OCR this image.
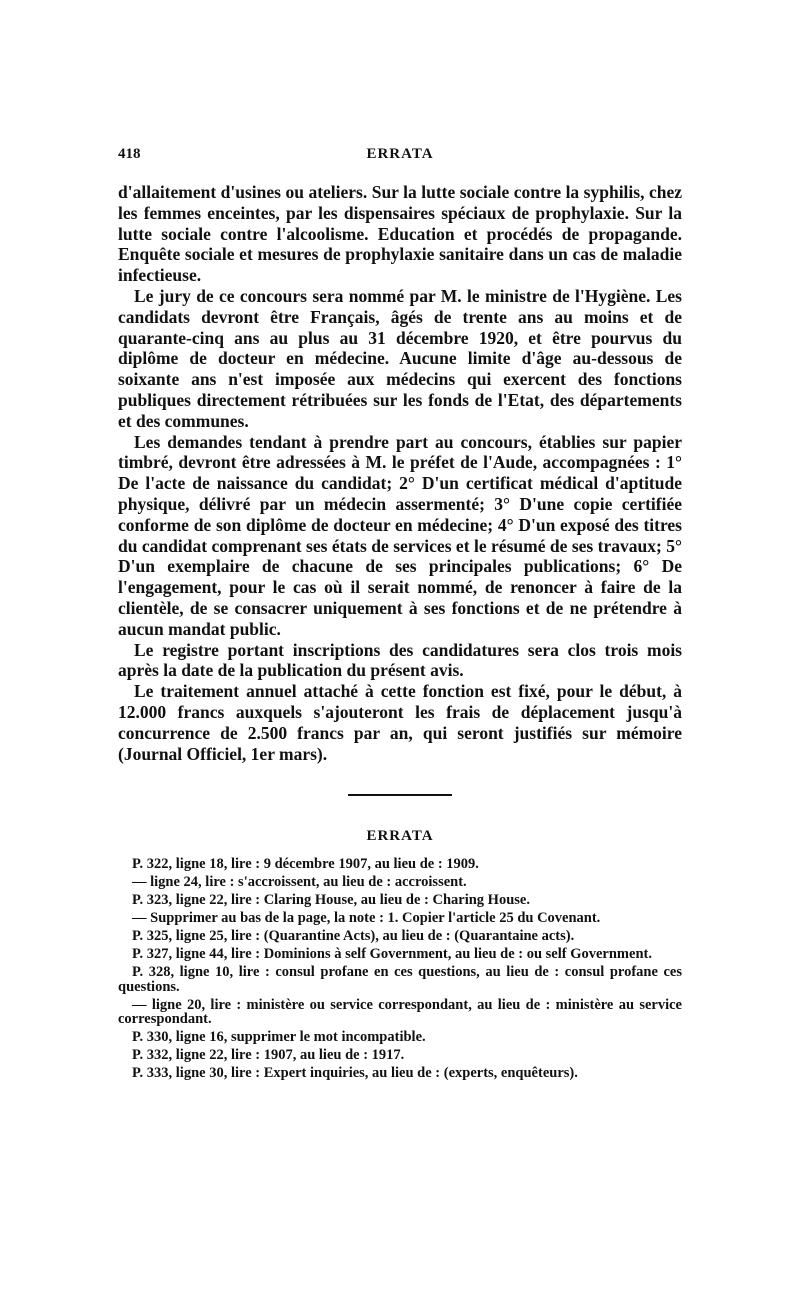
418	ERRATA

d'allaitement d'usines ou ateliers. Sur la lutte sociale contre la syphilis, chez les femmes enceintes, par les dispensaires spéciaux de prophylaxie. Sur la lutte sociale contre l'alcoolisme. Education et procédés de propagande. Enquête sociale et mesures de prophylaxie sanitaire dans un cas de maladie infectieuse.

Le jury de ce concours sera nommé par M. le ministre de l'Hygiène. Les candidats devront être Français, âgés de trente ans au moins et de quarante-cinq ans au plus au 31 décembre 1920, et être pourvus du diplôme de docteur en médecine. Aucune limite d'âge au-dessous de soixante ans n'est imposée aux médecins qui exercent des fonctions publiques directement rétribuées sur les fonds de l'Etat, des départements et des communes.

Les demandes tendant à prendre part au concours, établies sur papier timbré, devront être adressées à M. le préfet de l'Aude, accompagnées : 1° De l'acte de naissance du candidat; 2° D'un certificat médical d'aptitude physique, délivré par un médecin assermenté; 3° D'une copie certifiée conforme de son diplôme de docteur en médecine; 4° D'un exposé des titres du candidat comprenant ses états de services et le résumé de ses travaux; 5° D'un exemplaire de chacune de ses principales publications; 6° De l'engagement, pour le cas où il serait nommé, de renoncer à faire de la clientèle, de se consacrer uniquement à ses fonctions et de ne prétendre à aucun mandat public.

Le registre portant inscriptions des candidatures sera clos trois mois après la date de la publication du présent avis.

Le traitement annuel attaché à cette fonction est fixé, pour le début, à 12.000 francs auxquels s'ajouteront les frais de déplacement jusqu'à concurrence de 2.500 francs par an, qui seront justifiés sur mémoire (Journal Officiel, 1er mars).

ERRATA

P. 322, ligne 18, lire : 9 décembre 1907, au lieu de : 1909.

— ligne 24, lire : s'accroissent, au lieu de : accroissent.

P. 323, ligne 22, lire : Claring House, au lieu de : Charing House.

— Supprimer au bas de la page, la note : 1. Copier l'article 25 du Covenant.

P. 325, ligne 25, lire : (Quarantine Acts), au lieu de : (Quarantaine acts).

P. 327, ligne 44, lire : Dominions à self Government, au lieu de : ou self Government.

P. 328, ligne 10, lire : consul profane en ces questions, au lieu de : consul profane ces questions.

— ligne 20, lire : ministère ou service correspondant, au lieu de : ministère au service correspondant.

P. 330, ligne 16, supprimer le mot incompatible.

P. 332, ligne 22, lire : 1907, au lieu de : 1917.

P. 333, ligne 30, lire : Expert inquiries, au lieu de : (experts, enquêteurs).
